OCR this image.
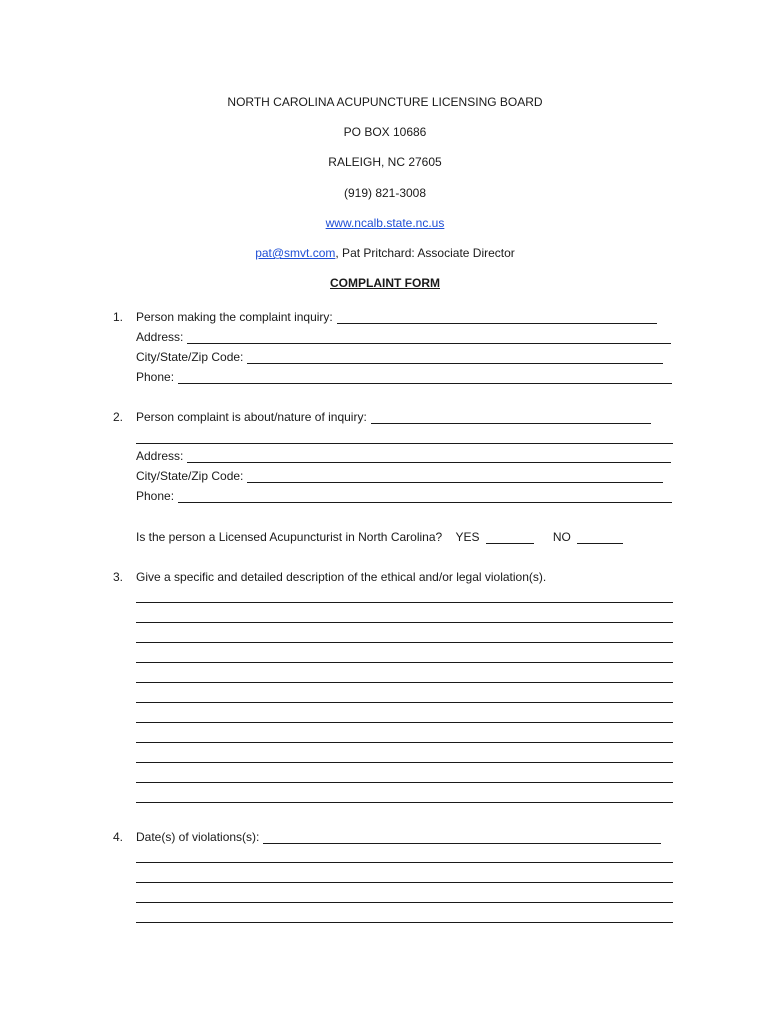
NORTH CAROLINA ACUPUNCTURE LICENSING BOARD
PO BOX 10686
RALEIGH, NC 27605
(919) 821-3008
www.ncalb.state.nc.us
pat@smvt.com, Pat Pritchard: Associate Director
COMPLAINT FORM
1. Person making the complaint inquiry:
Address:
City/State/Zip Code:
Phone:
2. Person complaint is about/nature of inquiry:
Address:
City/State/Zip Code:
Phone:
Is the person a Licensed Acupuncturist in North Carolina? YES	NO
3. Give a specific and detailed description of the ethical and/or legal violation(s).
4. Date(s) of violations(s):
